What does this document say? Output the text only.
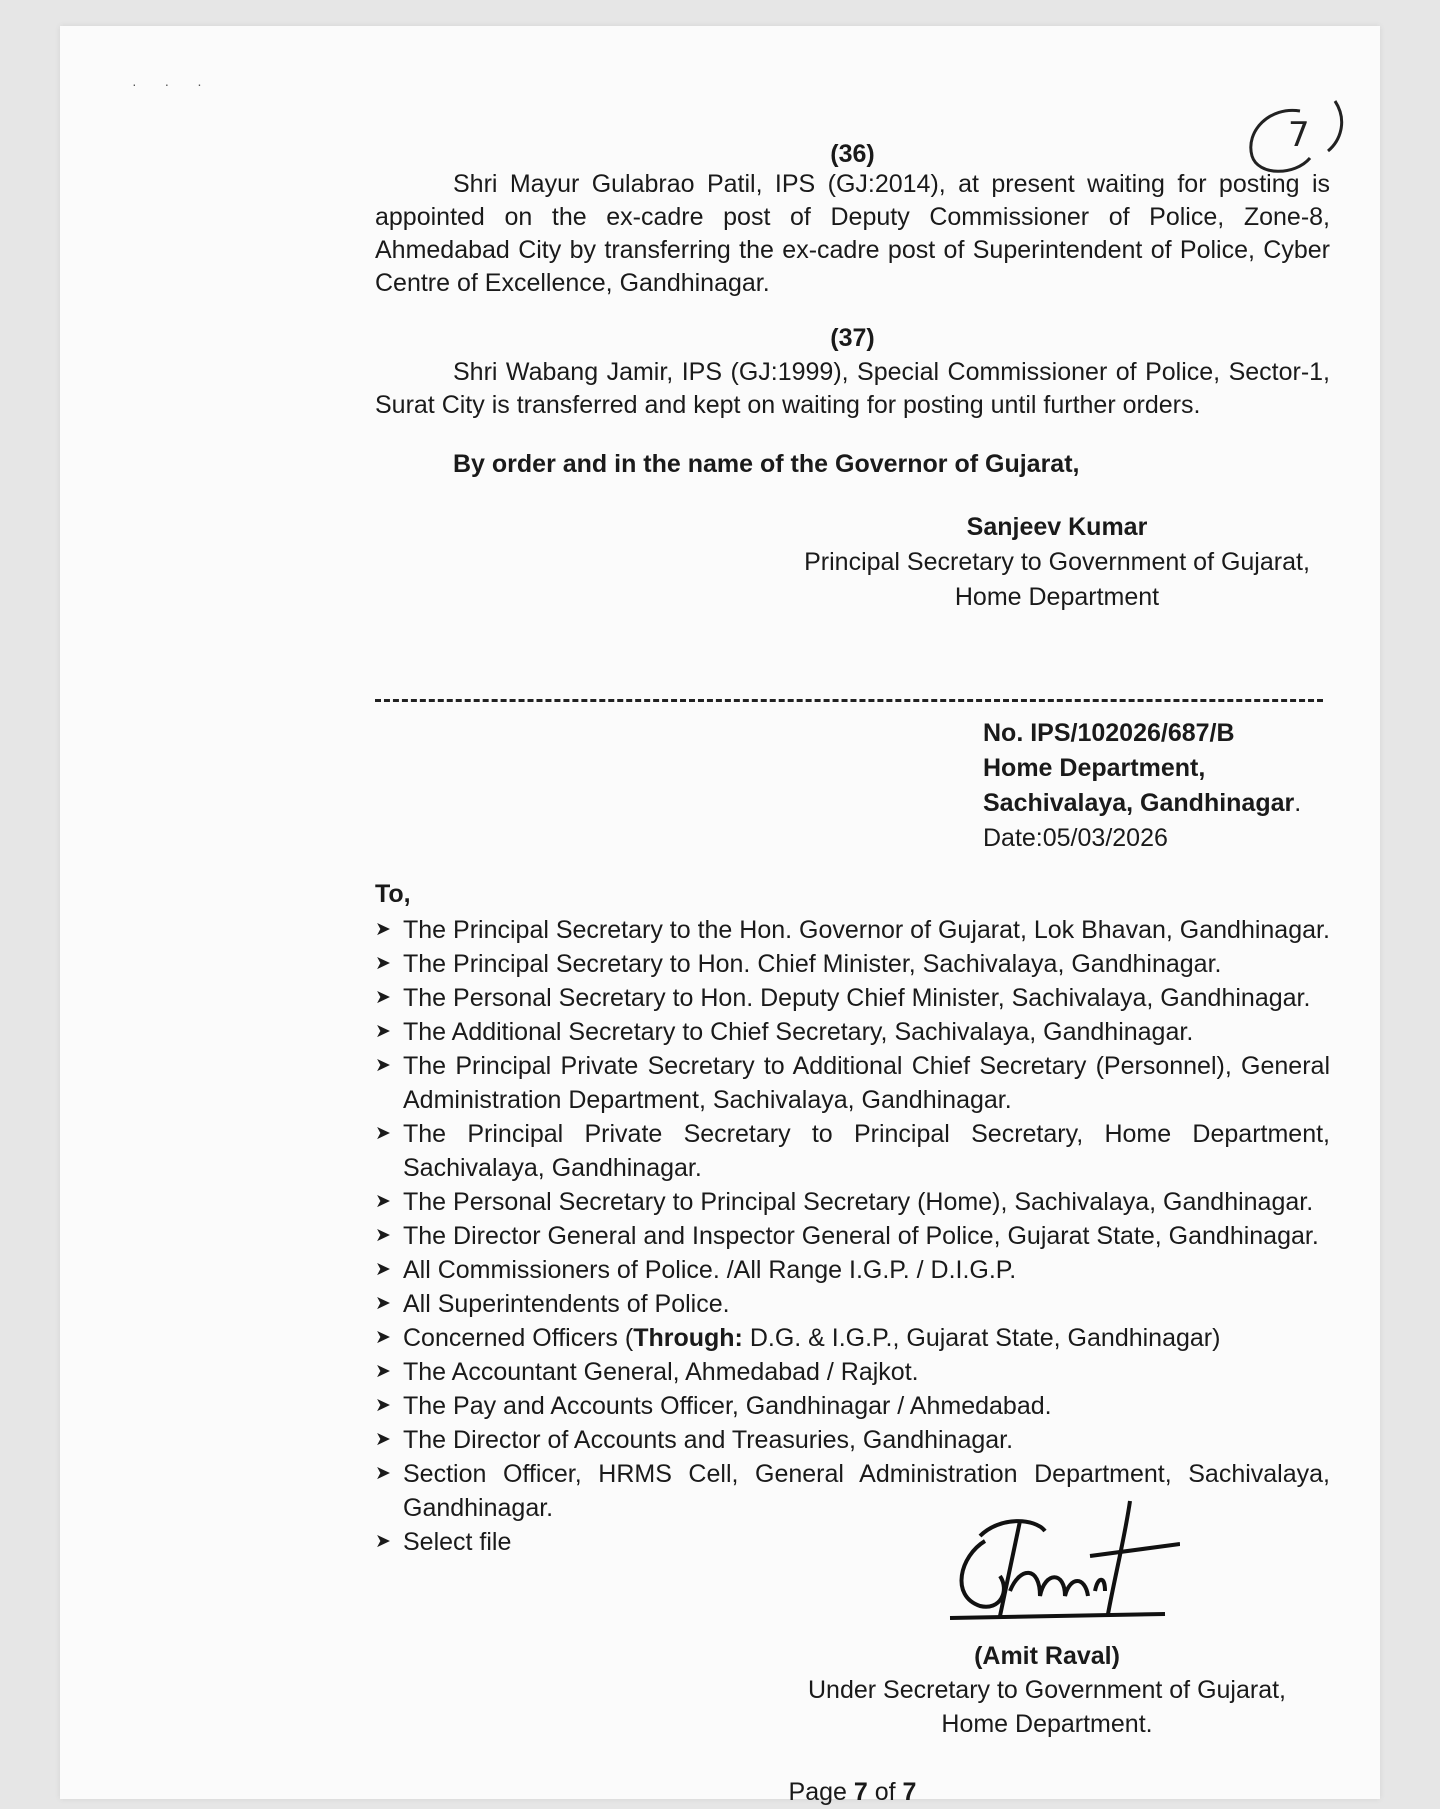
· · ·
7
(36)
Shri Mayur Gulabrao Patil, IPS (GJ:2014), at present waiting for posting is appointed on the ex-cadre post of Deputy Commissioner of Police, Zone-8, Ahmedabad City by transferring the ex-cadre post of Superintendent of Police, Cyber Centre of Excellence, Gandhinagar.
(37)
Shri Wabang Jamir, IPS (GJ:1999), Special Commissioner of Police, Sector-1, Surat City is transferred and kept on waiting for posting until further orders.
By order and in the name of the Governor of Gujarat,
Sanjeev Kumar
Principal Secretary to Government of Gujarat,
Home Department
No. IPS/102026/687/B
Home Department,
Sachivalaya, Gandhinagar.
Date:05/03/2026
To,
➤ The Principal Secretary to the Hon. Governor of Gujarat, Lok Bhavan, Gandhinagar.
➤ The Principal Secretary to Hon. Chief Minister, Sachivalaya, Gandhinagar.
➤ The Personal Secretary to Hon. Deputy Chief Minister, Sachivalaya, Gandhinagar.
➤ The Additional Secretary to Chief Secretary, Sachivalaya, Gandhinagar.
➤ The Principal Private Secretary to Additional Chief Secretary (Personnel), General Administration Department, Sachivalaya, Gandhinagar.
➤ The Principal Private Secretary to Principal Secretary, Home Department, Sachivalaya, Gandhinagar.
➤ The Personal Secretary to Principal Secretary (Home), Sachivalaya, Gandhinagar.
➤ The Director General and Inspector General of Police, Gujarat State, Gandhinagar.
➤ All Commissioners of Police. /All Range I.G.P. / D.I.G.P.
➤ All Superintendents of Police.
➤ Concerned Officers (Through: D.G. & I.G.P., Gujarat State, Gandhinagar)
➤ The Accountant General, Ahmedabad / Rajkot.
➤ The Pay and Accounts Officer, Gandhinagar / Ahmedabad.
➤ The Director of Accounts and Treasuries, Gandhinagar.
➤ Section Officer, HRMS Cell, General Administration Department, Sachivalaya, Gandhinagar.
➤ Select file
(Amit Raval)
Under Secretary to Government of Gujarat,
Home Department.
Page 7 of 7
